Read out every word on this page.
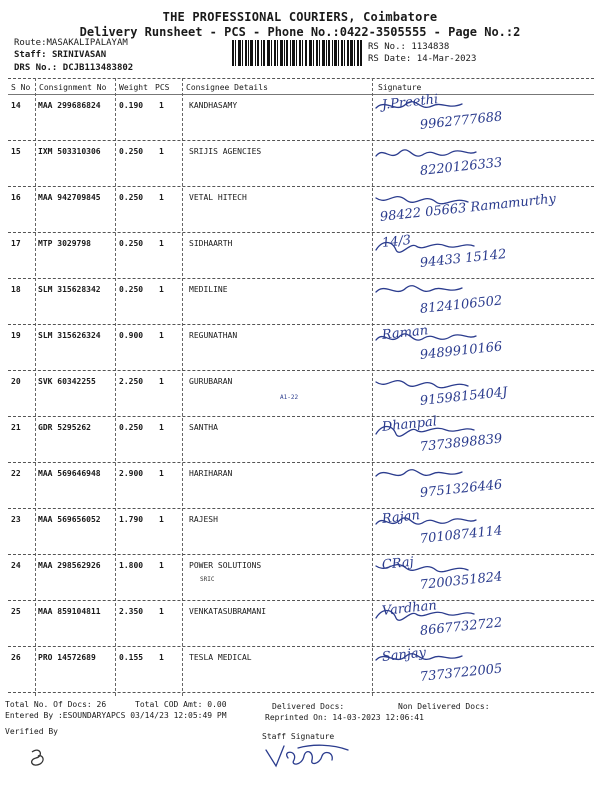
THE PROFESSIONAL COURIERS, Coimbatore
Delivery Runsheet - PCS - Phone No.:0422-3505555 - Page No.:2
Route:MASAKALIPALAYAM
Staff: SRINIVASAN
DRS No.: DCJB113483802
RS No.: 1134838
RS Date: 14-Mar-2023
S No Consignment No Weight PCS Consignee Details	Signature
14 MAA 299686824 0.190 1	KANDHASAMY	J.Preethi
9962777688
15 IXM 503310306 0.250 1	SRIJIS AGENCIES
8220126333
16 MAA 942709845 0.250 1	VETAL HITECH	98422 05663 Ramamurthy
17 MTP 3029798	0.250 1	SIDHAARTH	14/3
94433 15142
18 SLM 315628342 0.250 1	MEDILINE
8124106502
19 SLM 315626324 0.900 1	REGUNATHAN	Raman
9489910166
20 SVK 60342255	2.250 1	GURUBARAN
A1-22	9159815404J
21 GDR 5295262	0.250 1	SANTHA	Dhanpal
7373898839
22 MAA 569646948 2.900 1	HARIHARAN
9751326446
23 MAA 569656052 1.790 1	RAJESH	Rajan
7010874114
24 MAA 298562926 1.800 1	POWER SOLUTIONS
SRIC
CRaj
7200351824
25 MAA 859104811 2.350 1	VENKATASUBRAMANI	Vardhan
8667732722
26 PRO 14572689	0.155 1	TESLA MEDICAL	Sanjay
7373722005
Total No. Of Docs: 26	Total COD Amt: 0.00	Delivered Docs:	Non Delivered Docs:
Entered By :ESOUNDARYAPCS 03/14/23 12:05:49 PM	Reprinted On: 14-03-2023 12:06:41
Verified By
Staff Signature
